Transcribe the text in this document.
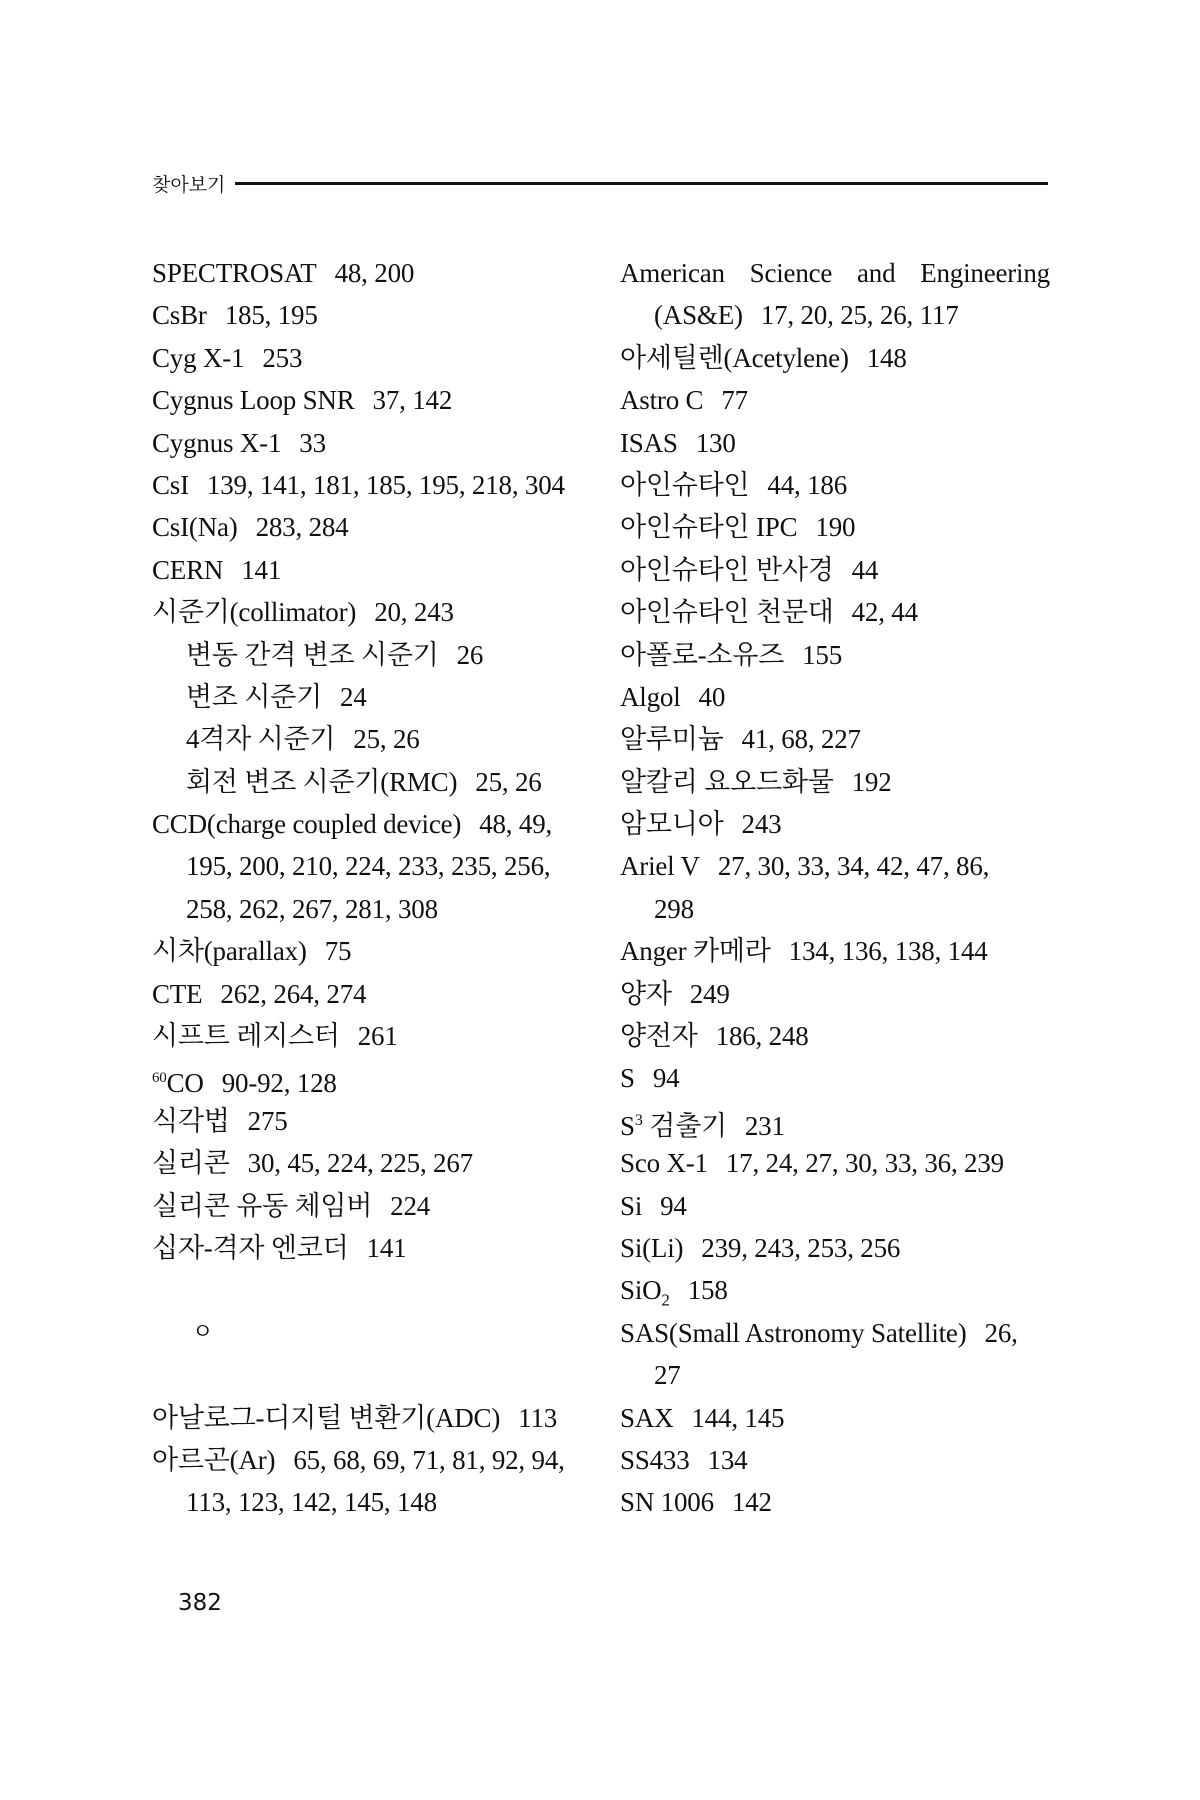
찾아보기
SPECTROSAT 48, 200
CsBr 185, 195
Cyg X-1 253
Cygnus Loop SNR 37, 142
Cygnus X-1 33
CsI 139, 141, 181, 185, 195, 218, 304
CsI(Na) 283, 284
CERN 141
시준기(collimator) 20, 243
변동 간격 변조 시준기 26
변조 시준기 24
4격자 시준기 25, 26
회전 변조 시준기(RMC) 25, 26
CCD(charge coupled device) 48, 49,
195, 200, 210, 224, 233, 235, 256,
258, 262, 267, 281, 308
시차(parallax) 75
CTE 262, 264, 274
시프트 레지스터 261
$^{60}$CO 90-92, 128
식각법 275
실리콘 30, 45, 224, 225, 267
실리콘 유동 체임버 224
십자-격자 엔코더 141
ㅇ
아날로그-디지털 변환기(ADC) 113
아르곤(Ar) 65, 68, 69, 71, 81, 92, 94,
113, 123, 142, 145, 148
American Science and Engineering
(AS&E) 17, 20, 25, 26, 117
아세틸렌(Acetylene) 148
Astro C 77
ISAS 130
아인슈타인 44, 186
아인슈타인 IPC 190
아인슈타인 반사경 44
아인슈타인 천문대 42, 44
아폴로-소유즈 155
Algol 40
알루미늄 41, 68, 227
알칼리 요오드화물 192
암모니아 243
Ariel V 27, 30, 33, 34, 42, 47, 86,
298
Anger 카메라 134, 136, 138, 144
양자 249
양전자 186, 248
S 94
$S^3$ 검출기 231
Sco X-1 17, 24, 27, 30, 33, 36, 239
Si 94
Si(Li) 239, 243, 253, 256
SiO$_2$ 158
SAS(Small Astronomy Satellite) 26,
27
SAX 144, 145
SS433 134
SN 1006 142
382
